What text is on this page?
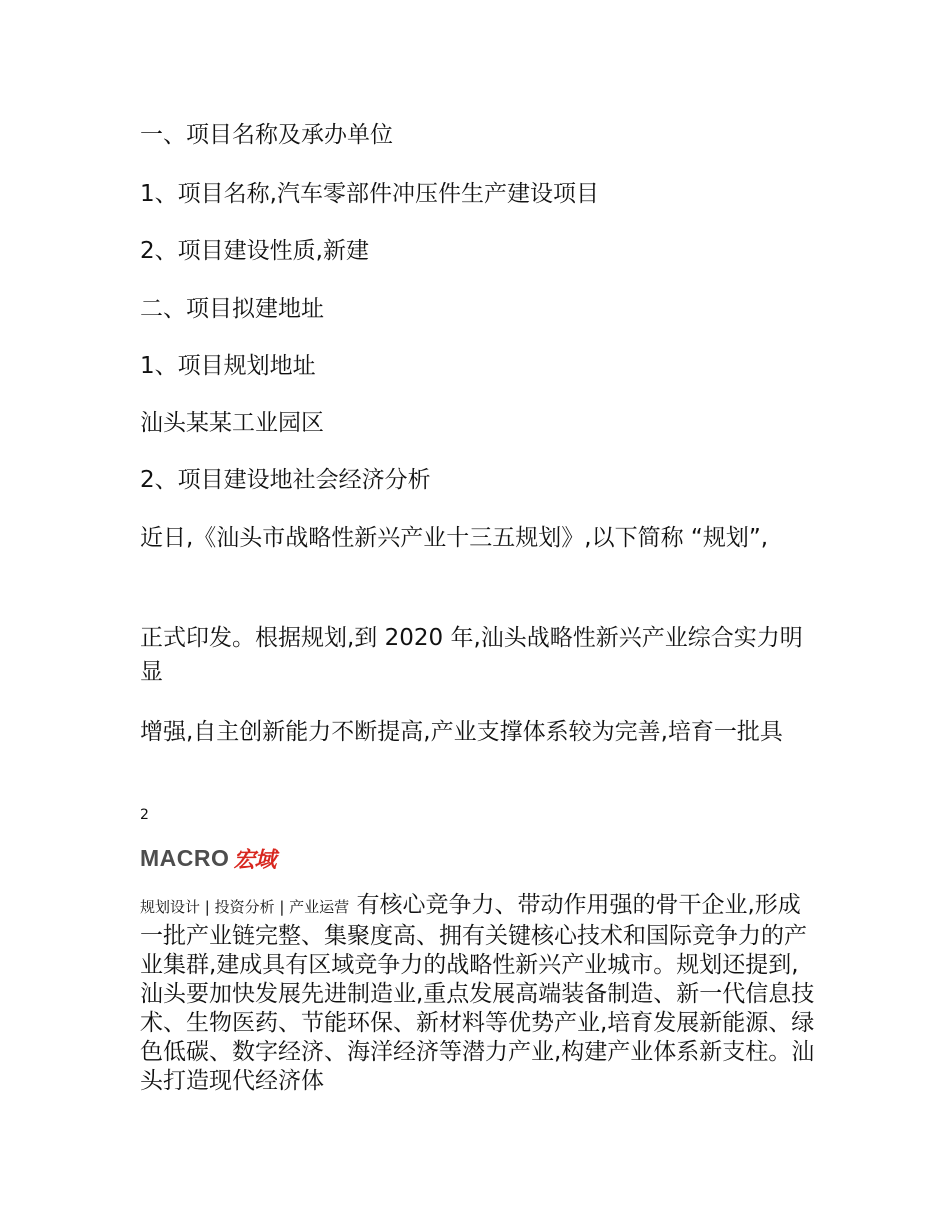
一、项目名称及承办单位
1、项目名称,汽车零部件冲压件生产建设项目
2、项目建设性质,新建
二、项目拟建地址
1、项目规划地址
汕头某某工业园区
2、项目建设地社会经济分析
近日,《汕头市战略性新兴产业十三五规划》,以下简称 “规划”,
正式印发。根据规划,到 2020 年,汕头战略性新兴产业综合实力明显
增强,自主创新能力不断提高,产业支撑体系较为完善,培育一批具
2
MACRO 宏域
规划设计 | 投资分析 | 产业运营 有核心竞争力、带动作用强的骨干企业,形成一批产业链完整、集聚度高、拥有关键核心技术和国际竞争力的产业集群,建成具有区域竞争力的战略性新兴产业城市。规划还提到,汕头要加快发展先进制造业,重点发展高端装备制造、新一代信息技术、生物医药、节能环保、新材料等优势产业,培育发展新能源、绿色低碳、数字经济、海洋经济等潜力产业,构建产业体系新支柱。汕头打造现代经济体
